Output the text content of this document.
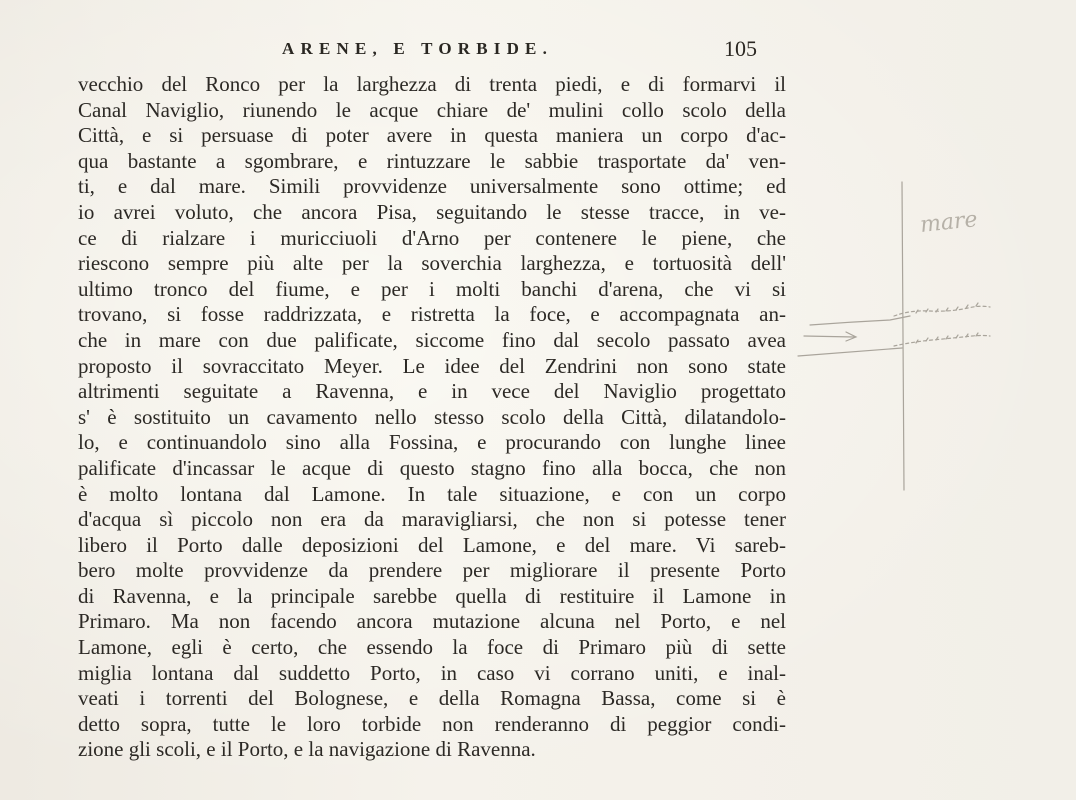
ARENE, E TORBIDE.	105
vecchio del Ronco per la larghezza di trenta piedi, e di formarvi il
Canal Naviglio, riunendo le acque chiare de' mulini collo scolo della
Città, e si persuase di poter avere in questa maniera un corpo d'ac-
qua bastante a sgombrare, e rintuzzare le sabbie trasportate da' ven-
ti, e dal mare. Simili provvidenze universalmente sono ottime; ed
io avrei voluto, che ancora Pisa, seguitando le stesse tracce, in ve-
ce di rialzare i muricciuoli d'Arno per contenere le piene, che
riescono sempre più alte per la soverchia larghezza, e tortuosità dell'
ultimo tronco del fiume, e per i molti banchi d'arena, che vi si
trovano, si fosse raddrizzata, e ristretta la foce, e accompagnata an-
che in mare con due palificate, siccome fino dal secolo passato avea
proposto il sovraccitato Meyer. Le idee del Zendrini non sono state
altrimenti seguitate a Ravenna, e in vece del Naviglio progettato
s' è sostituito un cavamento nello stesso scolo della Città, dilatandolo-
lo, e continuandolo sino alla Fossina, e procurando con lunghe linee
palificate d'incassar le acque di questo stagno fino alla bocca, che non
è molto lontana dal Lamone. In tale situazione, e con un corpo
d'acqua sì piccolo non era da maravigliarsi, che non si potesse tener
libero il Porto dalle deposizioni del Lamone, e del mare. Vi sareb-
bero molte provvidenze da prendere per migliorare il presente Porto
di Ravenna, e la principale sarebbe quella di restituire il Lamone in
Primaro. Ma non facendo ancora mutazione alcuna nel Porto, e nel
Lamone, egli è certo, che essendo la foce di Primaro più di sette
miglia lontana dal suddetto Porto, in caso vi corrano uniti, e inal-
veati i torrenti del Bolognese, e della Romagna Bassa, come si è
detto sopra, tutte le loro torbide non renderanno di peggior condi-
zione gli scoli, e il Porto, e la navigazione di Ravenna.
mare
